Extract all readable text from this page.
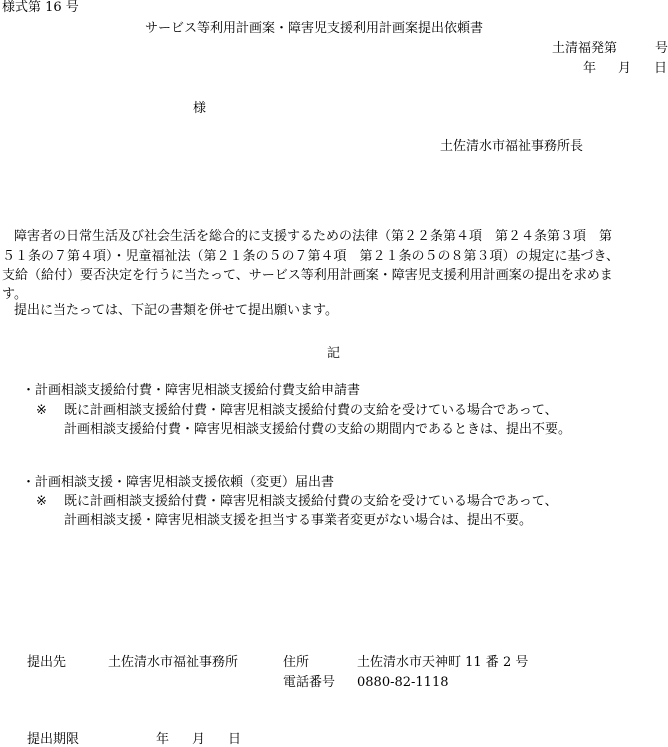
様式第 16 号
サービス等利用計画案・障害児支援利用計画案提出依頼書
土清福発第	号
年 月 日
様
土佐清水市福祉事務所長
障害者の日常生活及び社会生活を総合的に支援するための法律（第２２条第４項　第２４条第３項　第
５１条の７第４項）・児童福祉法（第２１条の５の７第４項　第２１条の５の８第３項）の規定に基づき、
支給（給付）要否決定を行うに当たって、サービス等利用計画案・障害児支援利用計画案の提出を求めま
す。
提出に当たっては、下記の書類を併せて提出願います。
記
・計画相談支援給付費・障害児相談支援給付費支給申請書
※ 既に計画相談支援給付費・障害児相談支援給付費の支給を受けている場合であって、
計画相談支援給付費・障害児相談支援給付費の支給の期間内であるときは、提出不要。
・計画相談支援・障害児相談支援依頼（変更）届出書
※ 既に計画相談支援給付費・障害児相談支援給付費の支給を受けている場合であって、
計画相談支援・障害児相談支援を担当する事業者変更がない場合は、提出不要。
提出先	土佐清水市福祉事務所	住所	土佐清水市天神町 11 番 2 号
電話番号 0880-82-1118
提出期限	年 月 日
